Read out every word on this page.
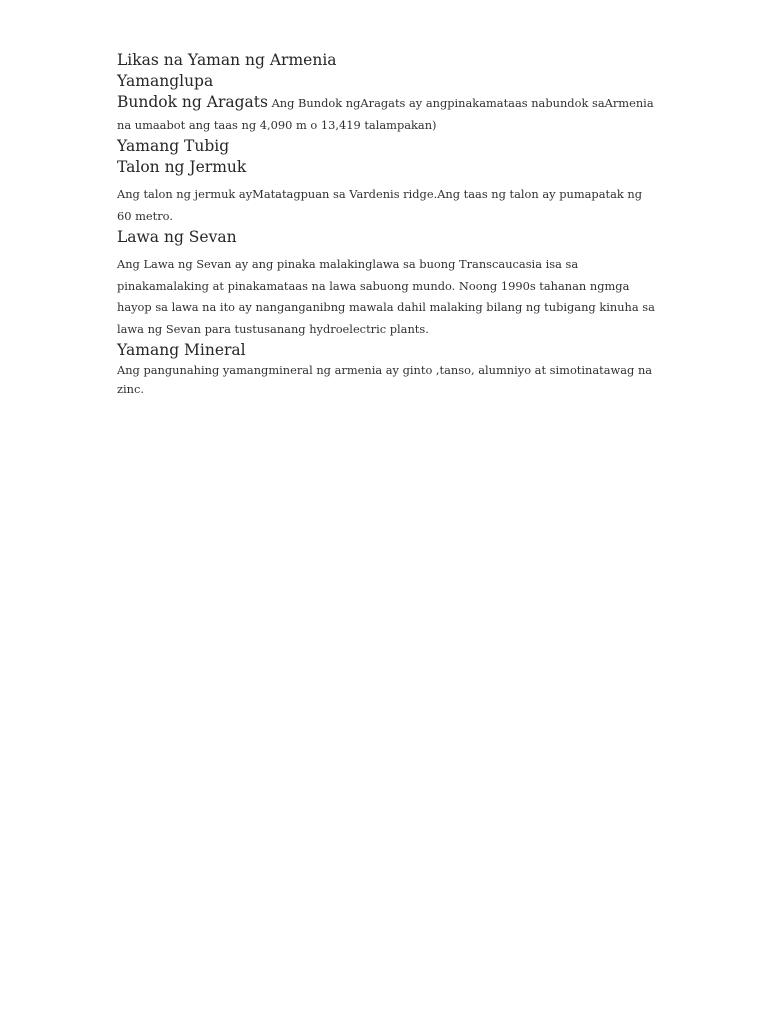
Likas na Yaman ng Armenia
Yamanglupa
Bundok ng Aragats Ang Bundok ngAragats ay angpinakamataas nabundok saArmenia na umaabot ang taas ng 4,090 m o 13,419 talampakan)
Yamang Tubig
Talon ng Jermuk
Ang talon ng jermuk ayMatatagpuan sa Vardenis ridge.Ang taas ng talon ay pumapatak ng 60 metro.
Lawa ng Sevan
Ang Lawa ng Sevan ay ang pinaka malakinglawa sa buong Transcaucasia isa sa pinakamalaking at pinakamataas na lawa sabuong mundo. Noong 1990s tahanan ngmga hayop sa lawa na ito ay nanganganibng mawala dahil malaking bilang ng tubigang kinuha sa lawa ng Sevan para tustusanang hydroelectric plants.
Yamang Mineral
Ang pangunahing yamangmineral ng armenia ay ginto ,tanso, alumniyo at simotinatawag na zinc.
